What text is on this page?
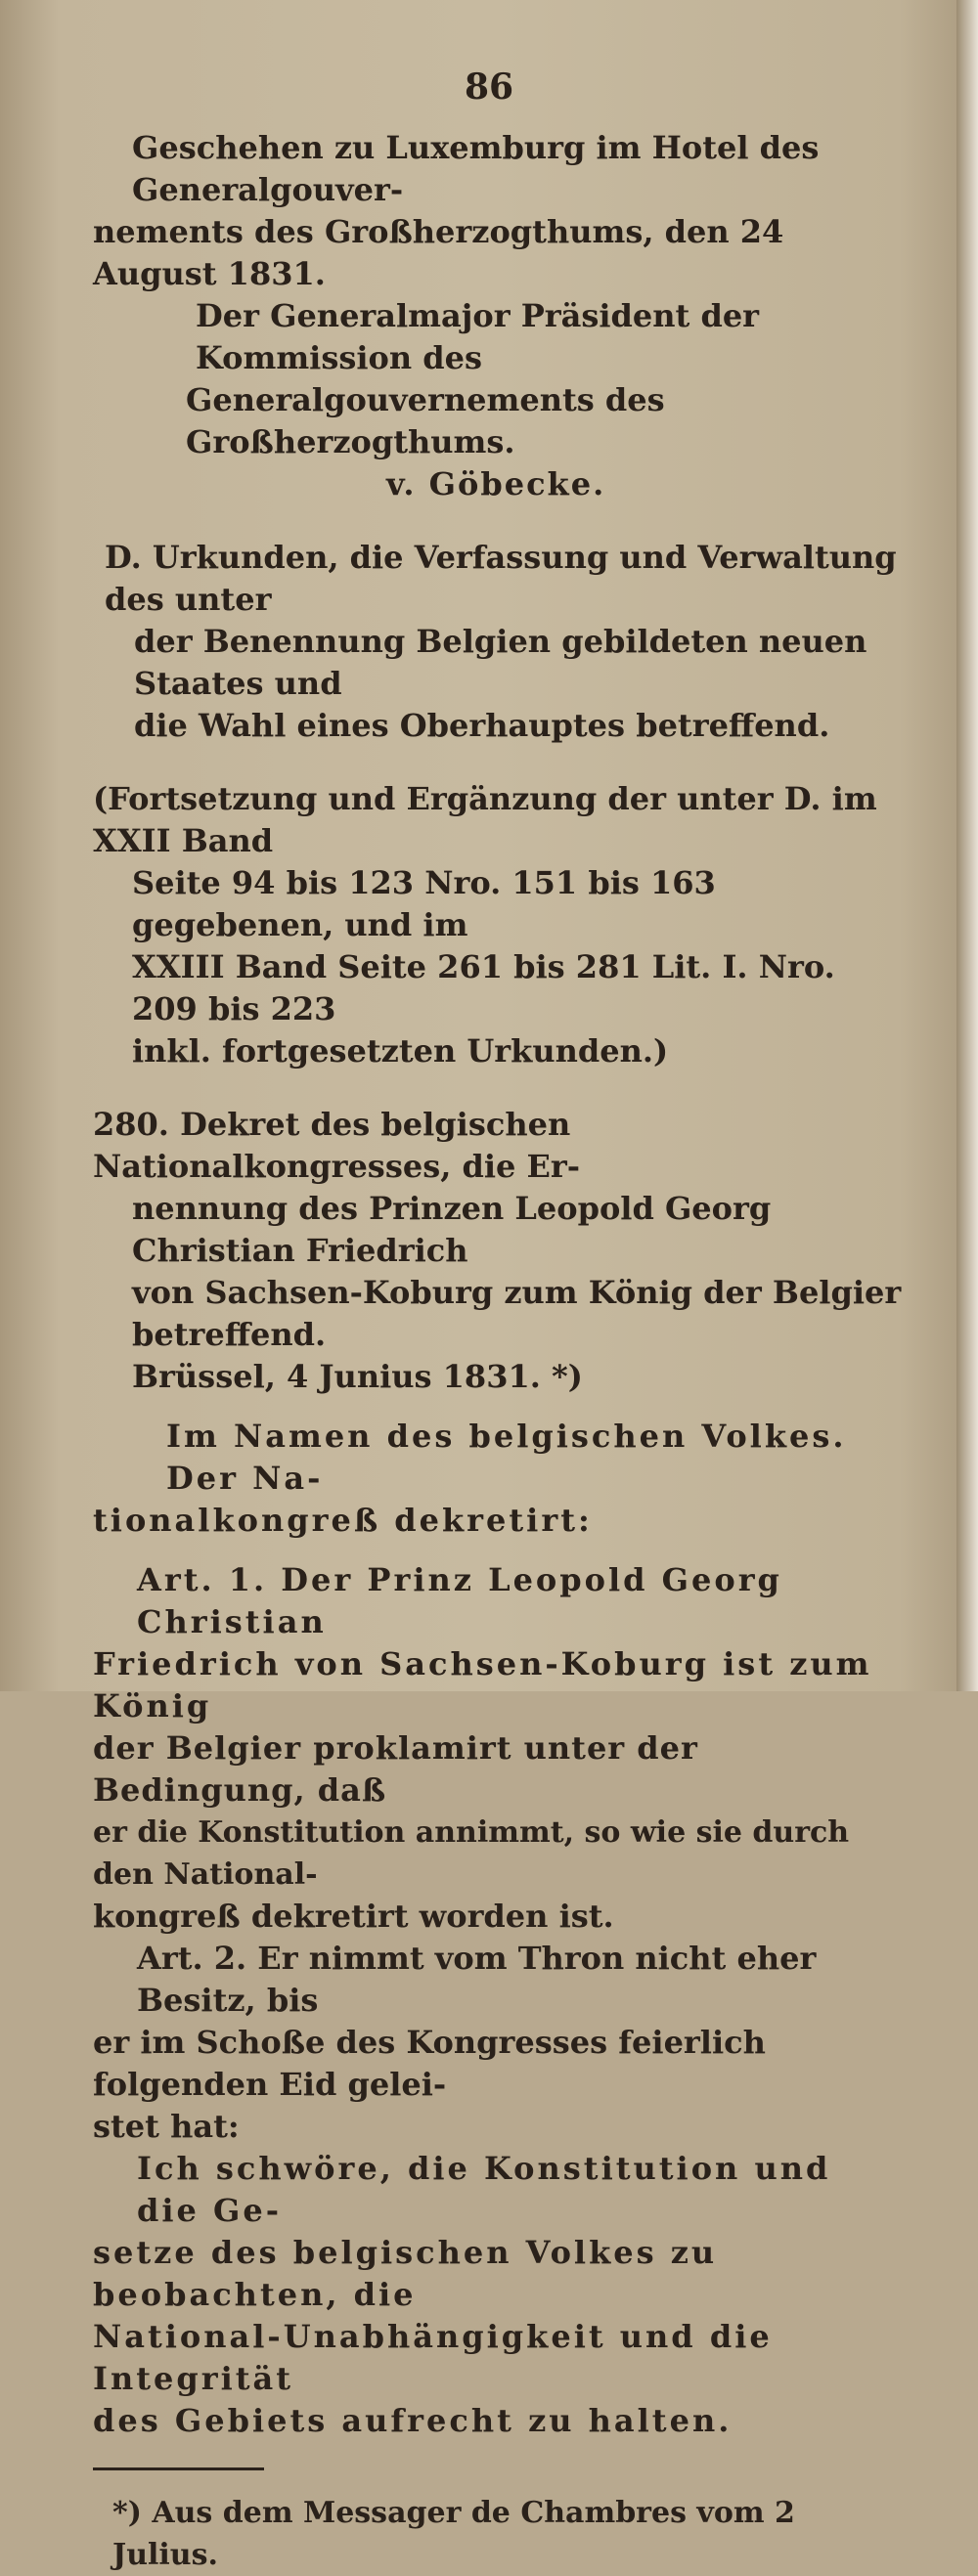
86

Geschehen zu Luxemburg im Hotel des Generalgouver-

nements des Großherzogthums, den 24 August 1831.

Der Generalmajor Präsident der Kommission des

Generalgouvernements des Großherzogthums.

v. Göbecke.

D. Urkunden, die Verfassung und Verwaltung des unter

der Benennung Belgien gebildeten neuen Staates und

die Wahl eines Oberhauptes betreffend.

(Fortsetzung und Ergänzung der unter D. im XXII Band

Seite 94 bis 123 Nro. 151 bis 163 gegebenen, und im

XXIII Band Seite 261 bis 281 Lit. I. Nro. 209 bis 223

inkl. fortgesetzten Urkunden.)

280. Dekret des belgischen Nationalkongresses, die Er-

nennung des Prinzen Leopold Georg Christian Friedrich

von Sachsen-Koburg zum König der Belgier betreffend.

Brüssel, 4 Junius 1831. *)

Im Namen des belgischen Volkes. Der Na-

tionalkongreß dekretirt:

Art. 1. Der Prinz Leopold Georg Christian

Friedrich von Sachsen-Koburg ist zum König

der Belgier proklamirt unter der Bedingung, daß

er die Konstitution annimmt, so wie sie durch den National-

kongreß dekretirt worden ist.

Art. 2. Er nimmt vom Thron nicht eher Besitz, bis

er im Schoße des Kongresses feierlich folgenden Eid gelei-

stet hat:

Ich schwöre, die Konstitution und die Ge-

setze des belgischen Volkes zu beobachten, die

National-Unabhängigkeit und die Integrität

des Gebiets aufrecht zu halten.

*) Aus dem Messager de Chambres vom 2 Julius.
